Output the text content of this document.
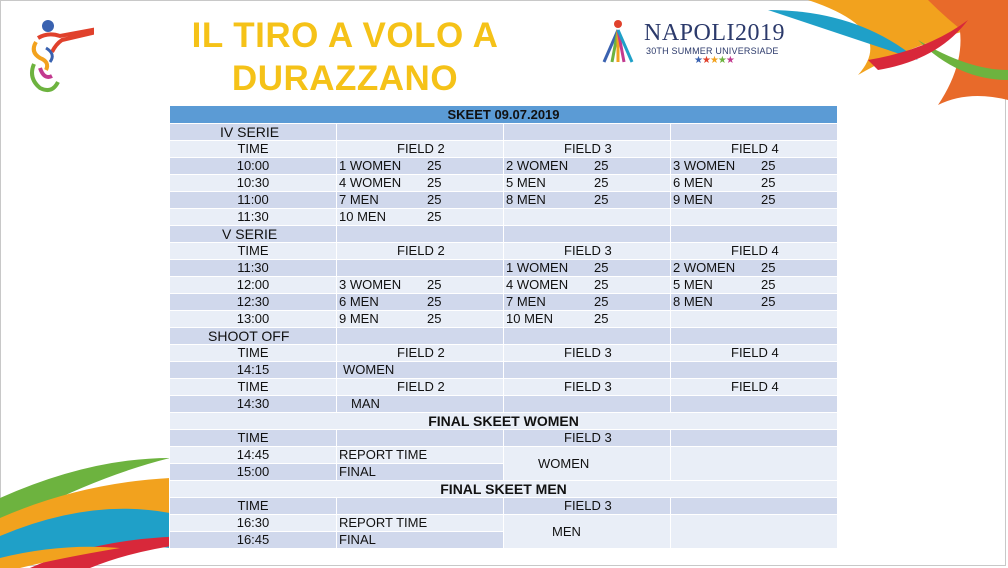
IL TIRO A VOLO A
DURAZZANO
NAPOLI2019
30TH SUMMER UNIVERSIADE
★★★★★
SKEET 09.07.2019			
IV SERIE			
TIME	FIELD 2	FIELD 3	FIELD 4
10:00	1 WOMEN 25	2 WOMEN 25	3 WOMEN 25
10:30	4 WOMEN 25	5 MEN 25	6 MEN 25
11:00	7 MEN 25	8 MEN 25	9 MEN 25
11:30	10 MEN 25		
V SERIE			
TIME	FIELD 2	FIELD 3	FIELD 4
11:30		1 WOMEN 25	2 WOMEN 25
12:00	3 WOMEN 25	4 WOMEN 25	5 MEN 25
12:30	6 MEN 25	7 MEN 25	8 MEN 25
13:00	9 MEN 25	10 MEN 25	
SHOOT OFF			
TIME	FIELD 2	FIELD 3	FIELD 4
14:15	WOMEN		
TIME	FIELD 2	FIELD 3	FIELD 4
14:30	MAN		
FINAL SKEET WOMEN			
TIME		FIELD 3	
14:45	REPORT TIME	WOMEN	
15:00	FINAL		
FINAL SKEET MEN			
TIME		FIELD 3	
16:30	REPORT TIME	MEN	
16:45	FINAL		
